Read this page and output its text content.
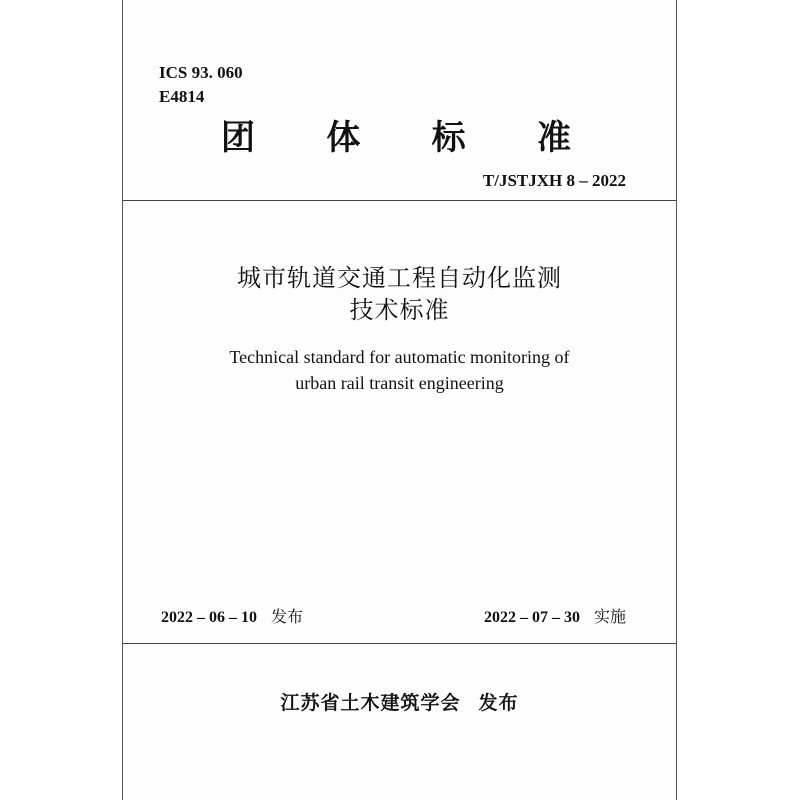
ICS 93. 060
E4814
团 体 标 准
T/JSTJXH 8 – 2022
城市轨道交通工程自动化监测
技术标准
Technical standard for automatic monitoring of
urban rail transit engineering
2022 – 06 – 10 发布	2022 – 07 – 30 实施
江苏省土木建筑学会 发布
